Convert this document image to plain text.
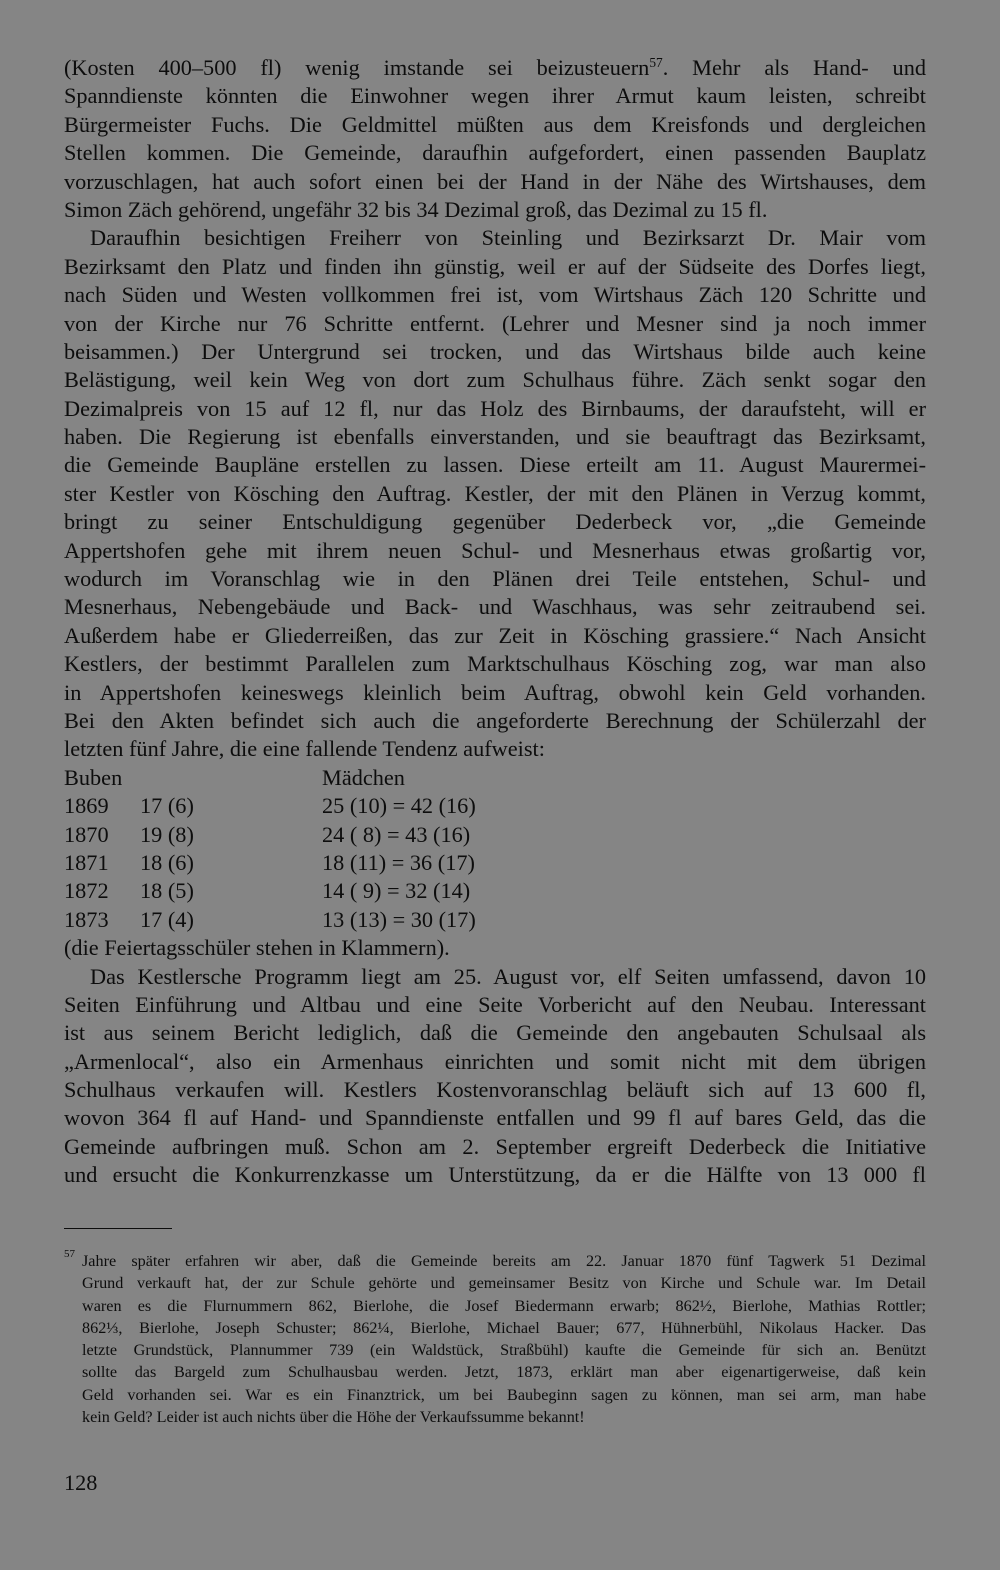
(Kosten 400–500 fl) wenig imstande sei beizusteuern$^{57}$. Mehr als Hand- und
Spanndienste könnten die Einwohner wegen ihrer Armut kaum leisten, schreibt
Bürgermeister Fuchs. Die Geldmittel müßten aus dem Kreisfonds und dergleichen
Stellen kommen. Die Gemeinde, daraufhin aufgefordert, einen passenden Bauplatz
vorzuschlagen, hat auch sofort einen bei der Hand in der Nähe des Wirtshauses, dem
Simon Zäch gehörend, ungefähr 32 bis 34 Dezimal groß, das Dezimal zu 15 fl.
Daraufhin besichtigen Freiherr von Steinling und Bezirksarzt Dr. Mair vom
Bezirksamt den Platz und finden ihn günstig, weil er auf der Südseite des Dorfes liegt,
nach Süden und Westen vollkommen frei ist, vom Wirtshaus Zäch 120 Schritte und
von der Kirche nur 76 Schritte entfernt. (Lehrer und Mesner sind ja noch immer
beisammen.) Der Untergrund sei trocken, und das Wirtshaus bilde auch keine
Belästigung, weil kein Weg von dort zum Schulhaus führe. Zäch senkt sogar den
Dezimalpreis von 15 auf 12 fl, nur das Holz des Birnbaums, der daraufsteht, will er
haben. Die Regierung ist ebenfalls einverstanden, und sie beauftragt das Bezirksamt,
die Gemeinde Baupläne erstellen zu lassen. Diese erteilt am 11. August Maurermei-
ster Kestler von Kösching den Auftrag. Kestler, der mit den Plänen in Verzug kommt,
bringt zu seiner Entschuldigung gegenüber Dederbeck vor, „die Gemeinde
Appertshofen gehe mit ihrem neuen Schul- und Mesnerhaus etwas großartig vor,
wodurch im Voranschlag wie in den Plänen drei Teile entstehen, Schul- und
Mesnerhaus, Nebengebäude und Back- und Waschhaus, was sehr zeitraubend sei.
Außerdem habe er Gliederreißen, das zur Zeit in Kösching grassiere.“ Nach Ansicht
Kestlers, der bestimmt Parallelen zum Marktschulhaus Kösching zog, war man also
in Appertshofen keineswegs kleinlich beim Auftrag, obwohl kein Geld vorhanden.
Bei den Akten befindet sich auch die angeforderte Berechnung der Schülerzahl der
letzten fünf Jahre, die eine fallende Tendenz aufweist:
Buben	Mädchen
1869 17 (6)	25 (10) = 42 (16)
1870 19 (8)	24 ( 8) = 43 (16)
1871 18 (6)	18 (11) = 36 (17)
1872 18 (5)	14 ( 9) = 32 (14)
1873 17 (4)	13 (13) = 30 (17)
(die Feiertagsschüler stehen in Klammern).
Das Kestlersche Programm liegt am 25. August vor, elf Seiten umfassend, davon 10
Seiten Einführung und Altbau und eine Seite Vorbericht auf den Neubau. Interessant
ist aus seinem Bericht lediglich, daß die Gemeinde den angebauten Schulsaal als
„Armenlocal“, also ein Armenhaus einrichten und somit nicht mit dem übrigen
Schulhaus verkaufen will. Kestlers Kostenvoranschlag beläuft sich auf 13 600 fl,
wovon 364 fl auf Hand- und Spanndienste entfallen und 99 fl auf bares Geld, das die
Gemeinde aufbringen muß. Schon am 2. September ergreift Dederbeck die Initiative
und ersucht die Konkurrenzkasse um Unterstützung, da er die Hälfte von 13 000 fl
Jahre später erfahren wir aber, daß die Gemeinde bereits am 22. Januar 1870 fünf Tagwerk 51 Dezimal
Grund verkauft hat, der zur Schule gehörte und gemeinsamer Besitz von Kirche und Schule war. Im Detail
waren es die Flurnummern 862, Bierlohe, die Josef Biedermann erwarb; 862½, Bierlohe, Mathias Rottler;
862⅓, Bierlohe, Joseph Schuster; 862¼, Bierlohe, Michael Bauer; 677, Hühnerbühl, Nikolaus Hacker. Das
letzte Grundstück, Plannummer 739 (ein Waldstück, Straßbühl) kaufte die Gemeinde für sich an. Benützt
sollte das Bargeld zum Schulhausbau werden. Jetzt, 1873, erklärt man aber eigenartigerweise, daß kein
Geld vorhanden sei. War es ein Finanztrick, um bei Baubeginn sagen zu können, man sei arm, man habe
kein Geld? Leider ist auch nichts über die Höhe der Verkaufssumme bekannt!
57
128
